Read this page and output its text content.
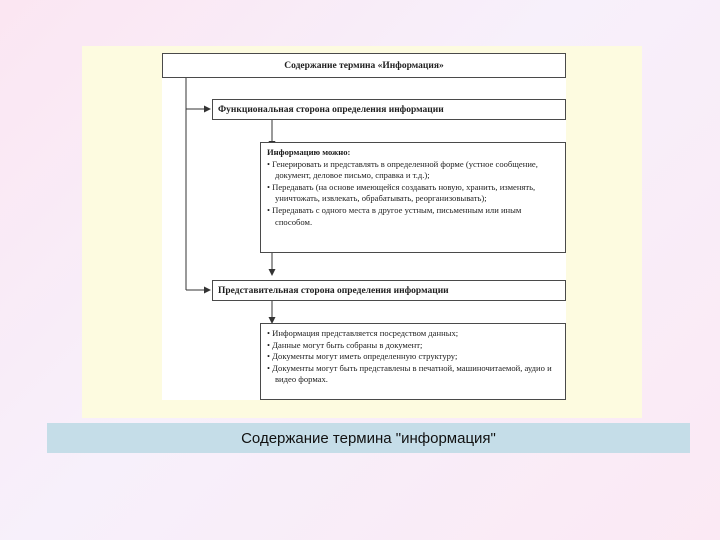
Содержание термина «Информация»
Функциональная сторона определения информации
Информацию можно:
• Генерировать и представлять в определенной форме (устное сообщение, документ, деловое письмо, справка и т.д.);
• Передавать (на основе имеющейся создавать новую, хранить, изменять, уничтожать, извлекать, обрабатывать, реорганизовывать);
• Передавать с одного места в другое устным, письменным или иным способом.
Представительная сторона определения информации
• Информация представляется посредством данных;
• Данные могут быть собраны в документ;
• Документы могут иметь определенную структуру;
• Документы могут быть представлены в печатной, машиночитаемой, аудио и видео формах.
Содержание термина "информация"
